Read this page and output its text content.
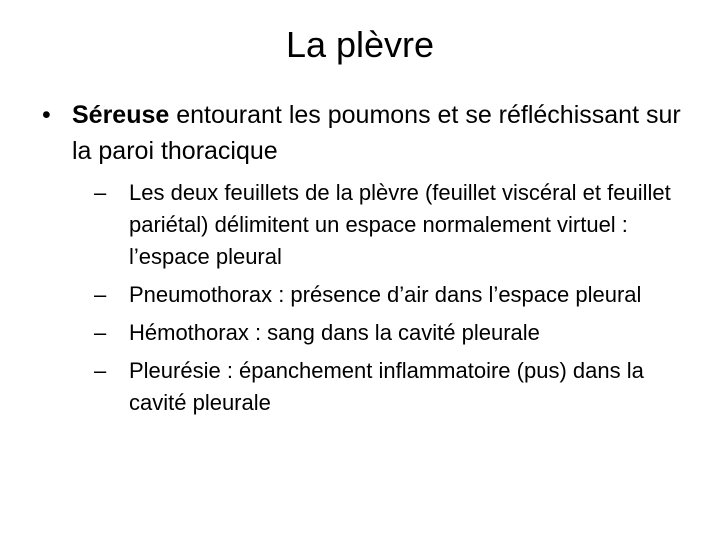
La plèvre
• Séreuse entourant les poumons et se réfléchissant sur la paroi thoracique
– Les deux feuillets de la plèvre (feuillet viscéral et feuillet pariétal) délimitent un espace normalement virtuel : l’espace pleural
– Pneumothorax : présence d’air dans l’espace pleural
– Hémothorax : sang dans la cavité pleurale
– Pleurésie : épanchement inflammatoire (pus) dans la cavité pleurale
